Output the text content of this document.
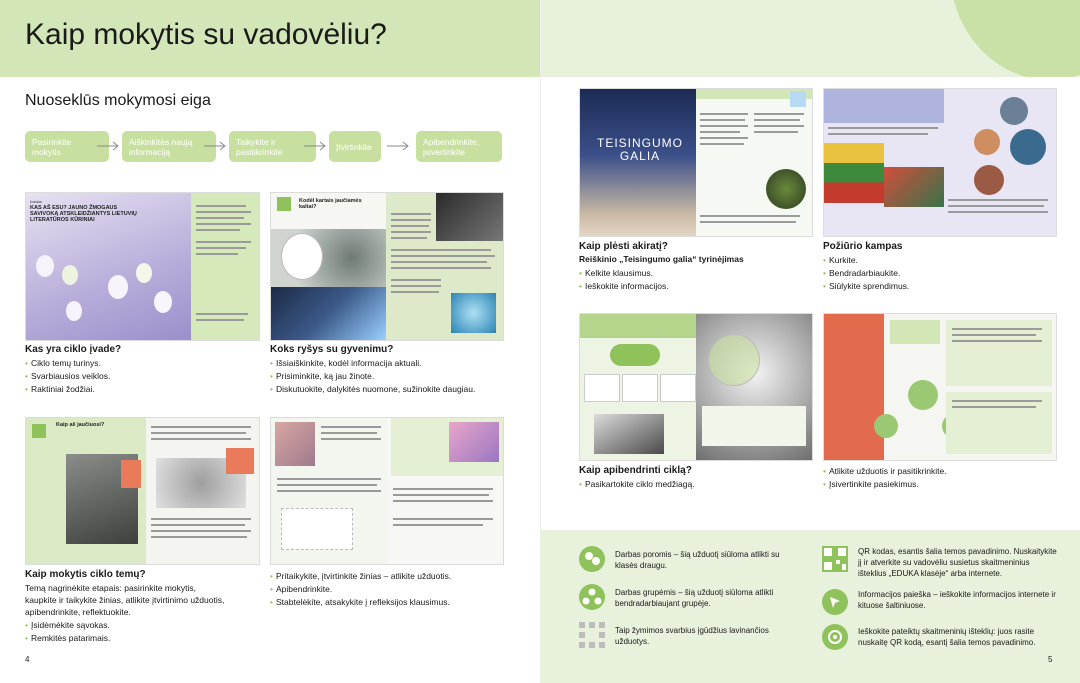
Kaip mokytis su vadovėliu?
Nuoseklūs mokymosi eiga
Pasirinkite mokytis
Aiškinkitės naują informaciją
Taikykite ir pasitikrinkite	Įtvirtinkite	Apibendrinkite, įsivertinkite
Įvadas
KAS AŠ ESU? JAUNO ŽMOGAUS SAVIVOKĄ ATSKLEIDŽIANTYS LIETUVIŲ LITERATŪROS KŪRINIAI
Kodėl kartais jaučiamės kaltai?
Kas yra ciklo įvade?
• Ciklo temų turinys.
• Svarbiausios veiklos.
• Raktiniai žodžiai.
Koks ryšys su gyvenimu?
• Išsiaiškinkite, kodėl informacija aktuali.
• Prisiminkite, ką jau žinote.
• Diskutuokite, dalykitės nuomone, sužinokite daugiau.
Kaip aš jaučiuosi?
Kaip mokytis ciklo temų?
Temą nagrinėkite etapais: pasirinkite mokytis,
kaupkite ir taikykite žinias, atlikite įtvirtinimo užduotis,
apibendrinkite, reflektuokite.
• Įsidėmėkite sąvokas.
• Remkitės patarimais.
• Pritaikykite, įtvirtinkite žinias – atlikite užduotis.
• Apibendrinkite.
• Stabtelėkite, atsakykite į refleksijos klausimus.
TEISINGUMO GALIA
Kaip plėsti akiratį?
Reiškinio „Teisingumo galia“ tyrinėjimas
• Kelkite klausimus.
• Ieškokite informacijos.
Požiūrio kampas
• Kurkite.
• Bendradarbiaukite.
• Siūlykite sprendimus.
Kaip apibendrinti ciklą?
• Pasikartokite ciklo medžiagą.
• Atlikite užduotis ir pasitikrinkite.
• Įsivertinkite pasiekimus.
Darbas poromis – šią užduotį siūloma atlikti su klasės draugu.
Darbas grupėmis – šią užduotį siūloma atlikti bendradarbiaujant grupėje.
Taip žymimos svarbius įgūdžius lavinančios užduotys.
QR kodas, esantis šalia temos pavadinimo. Nuskaitykite jį ir atverkite su vadovėliu susietus skaitmeninius išteklius „EDUKA klasėje“ arba internete.
Informacijos paieška – ieškokite informacijos internete ir kituose šaltiniuose.
Ieškokite pateiktų skaitmeninių išteklių: juos rasite nuskaitę QR kodą, esantį šalia temos pavadinimo.
4	5
